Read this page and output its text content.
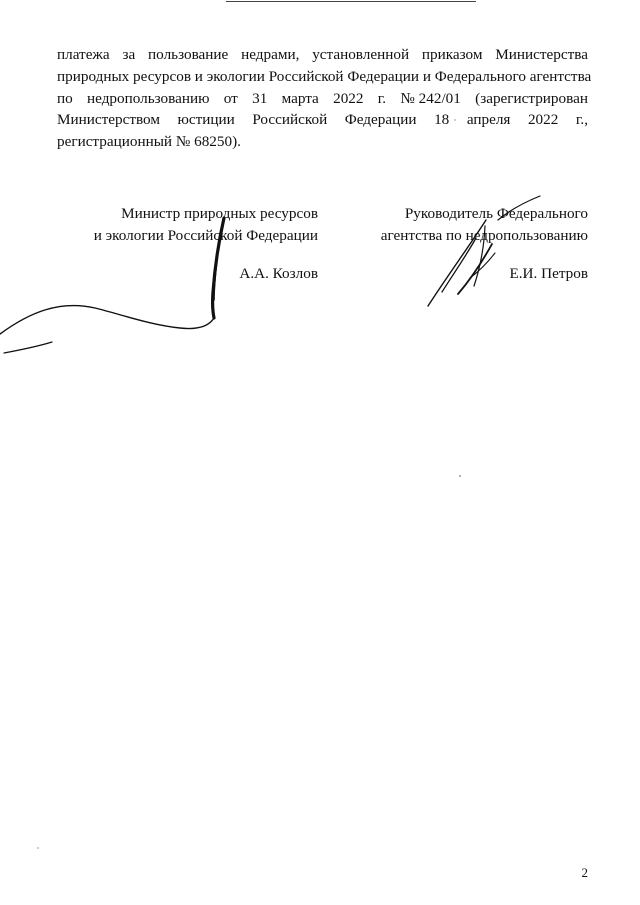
платежа за пользование недрами, установленной приказом Министерства
природных ресурсов и экологии Российской Федерации и Федерального агентства
по недропользованию от 31 марта 2022 г. № 242/01 (зарегистрирован
Министерством юстиции Российской Федерации 18 апреля 2022 г.,
регистрационный № 68250).
Министр природных ресурсов
и экологии Российской Федерации
А.А. Козлов
Руководитель Федерального
агентства по недропользованию
Е.И. Петров
2
